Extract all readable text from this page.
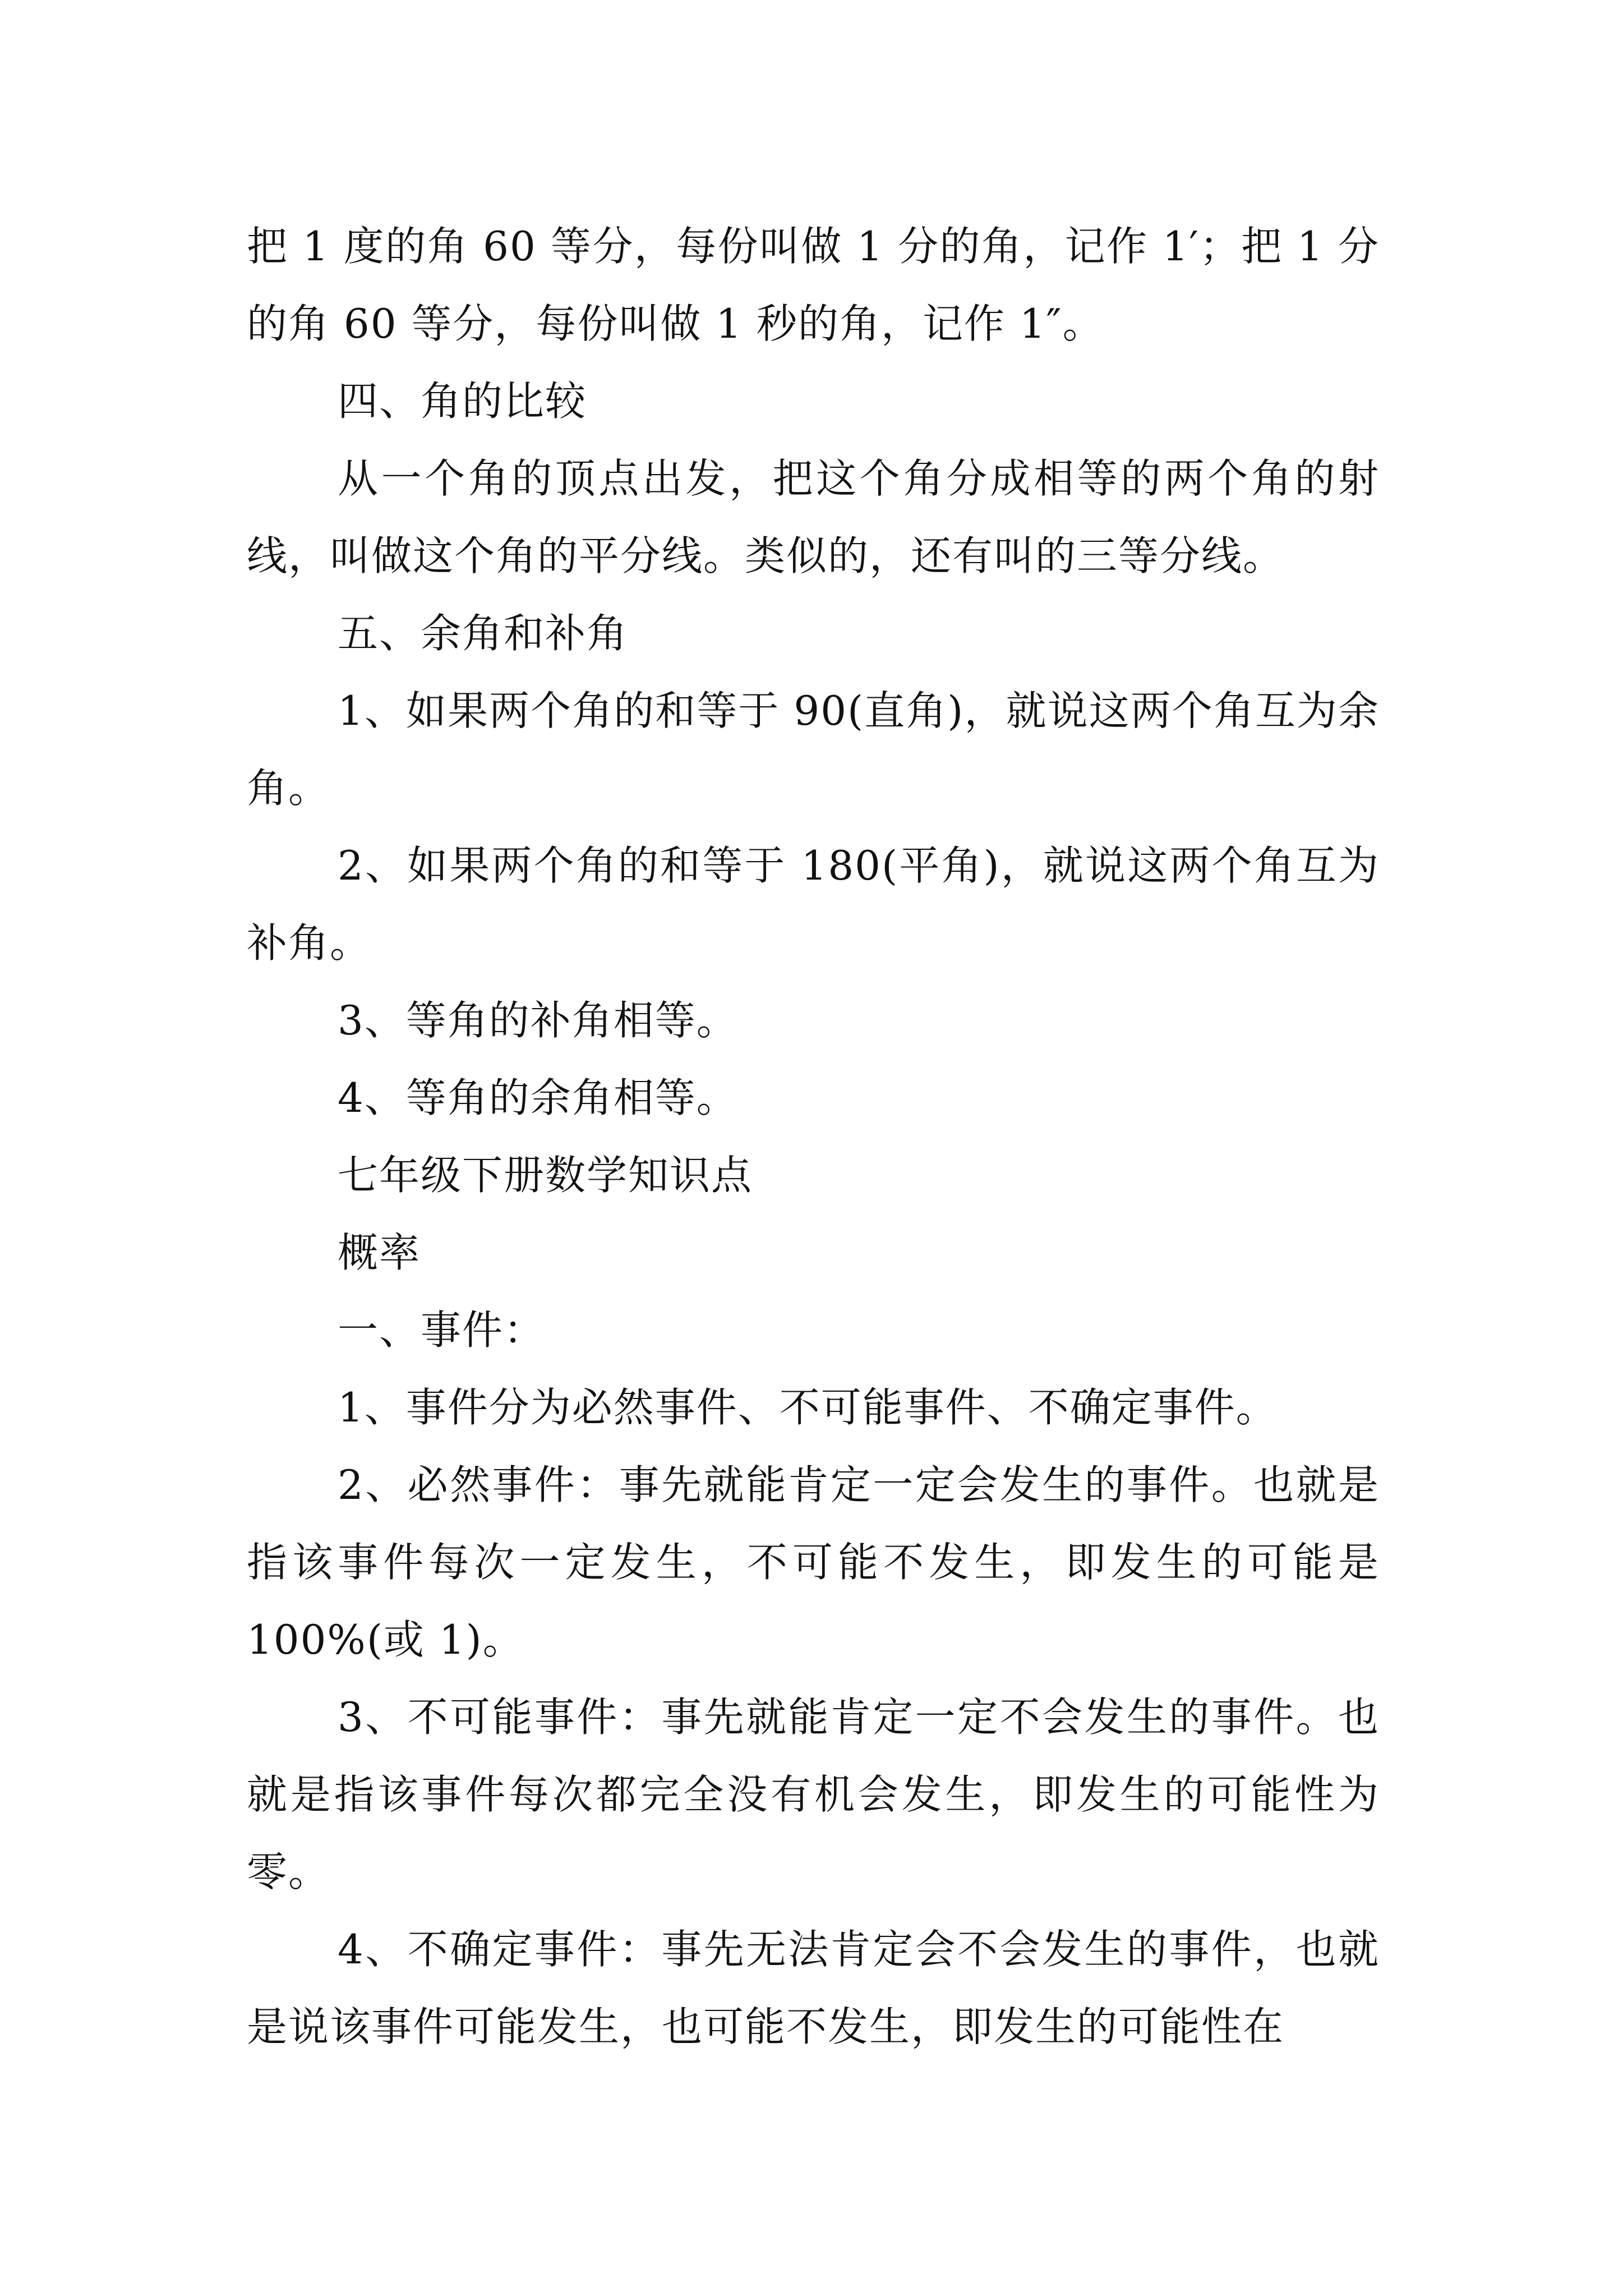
把 1 度的角 60 等分，每份叫做 1 分的角，记作 1′；把 1 分的角 60 等分，每份叫做 1 秒的角，记作 1″。

四、角的比较

从一个角的顶点出发，把这个角分成相等的两个角的射线，叫做这个角的平分线。类似的，还有叫的三等分线。

五、余角和补角

1、如果两个角的和等于 90(直角)，就说这两个角互为余角。

2、如果两个角的和等于 180(平角)，就说这两个角互为补角。

3、等角的补角相等。

4、等角的余角相等。

七年级下册数学知识点

概率

一、事件：

1、事件分为必然事件、不可能事件、不确定事件。

2、必然事件：事先就能肯定一定会发生的事件。也就是指该事件每次一定发生，不可能不发生，即发生的可能是 100%(或 1)。

3、不可能事件：事先就能肯定一定不会发生的事件。也就是指该事件每次都完全没有机会发生，即发生的可能性为零。

4、不确定事件：事先无法肯定会不会发生的事件，也就是说该事件可能发生，也可能不发生，即发生的可能性在
